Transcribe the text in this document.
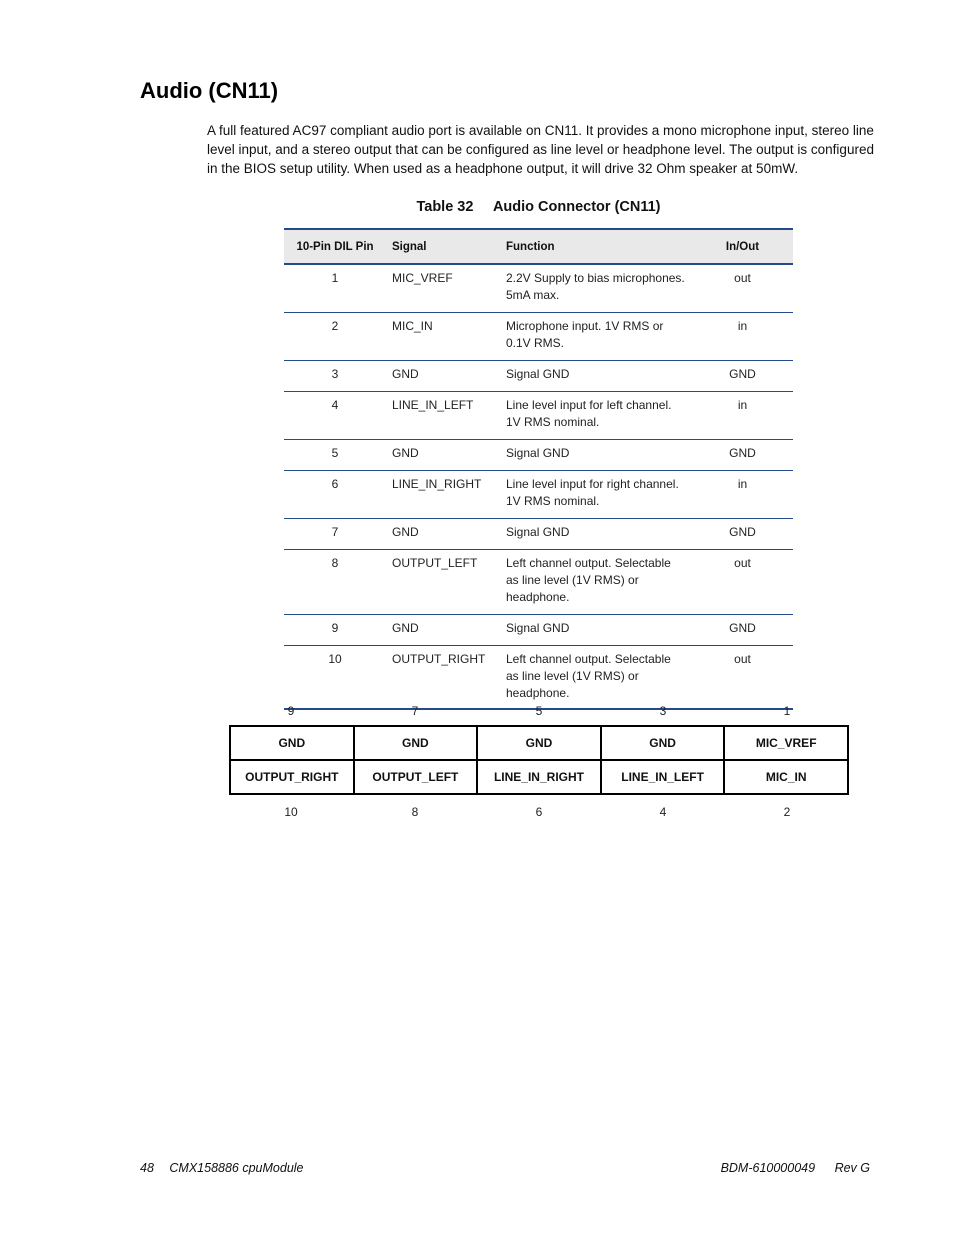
Audio (CN11)

A full featured AC97 compliant audio port is available on CN11. It provides a mono microphone input, stereo line level input, and a stereo output that can be configured as line level or headphone level. The output is configured in the BIOS setup utility. When used as a headphone output, it will drive 32 Ohm speaker at 50mW.

Table 32 Audio Connector (CN11)
10-Pin DIL Pin	Signal	Function	In/Out
1	MIC_VREF	2.2V Supply to bias microphones. 5mA max.	out
2	MIC_IN	Microphone input. 1V RMS or 0.1V RMS.	in
3	GND	Signal GND	GND
4	LINE_IN_LEFT	Line level input for left channel. 1V RMS nominal.	in
5	GND	Signal GND	GND
6	LINE_IN_RIGHT	Line level input for right channel. 1V RMS nominal.	in
7	GND	Signal GND	GND
8	OUTPUT_LEFT	Left channel output. Selectable as line level (1V RMS) or headphone.	out
9	GND	Signal GND	GND
10	OUTPUT_RIGHT	Left channel output. Selectable as line level (1V RMS) or headphone.	out
9	7	5	3	1
GND	GND	GND	GND	MIC_VREF
OUTPUT_RIGHT	OUTPUT_LEFT	LINE_IN_RIGHT	LINE_IN_LEFT	MIC_IN
10	8	6	4	2
48 CMX158886 cpuModule	BDM-610000049 Rev G
